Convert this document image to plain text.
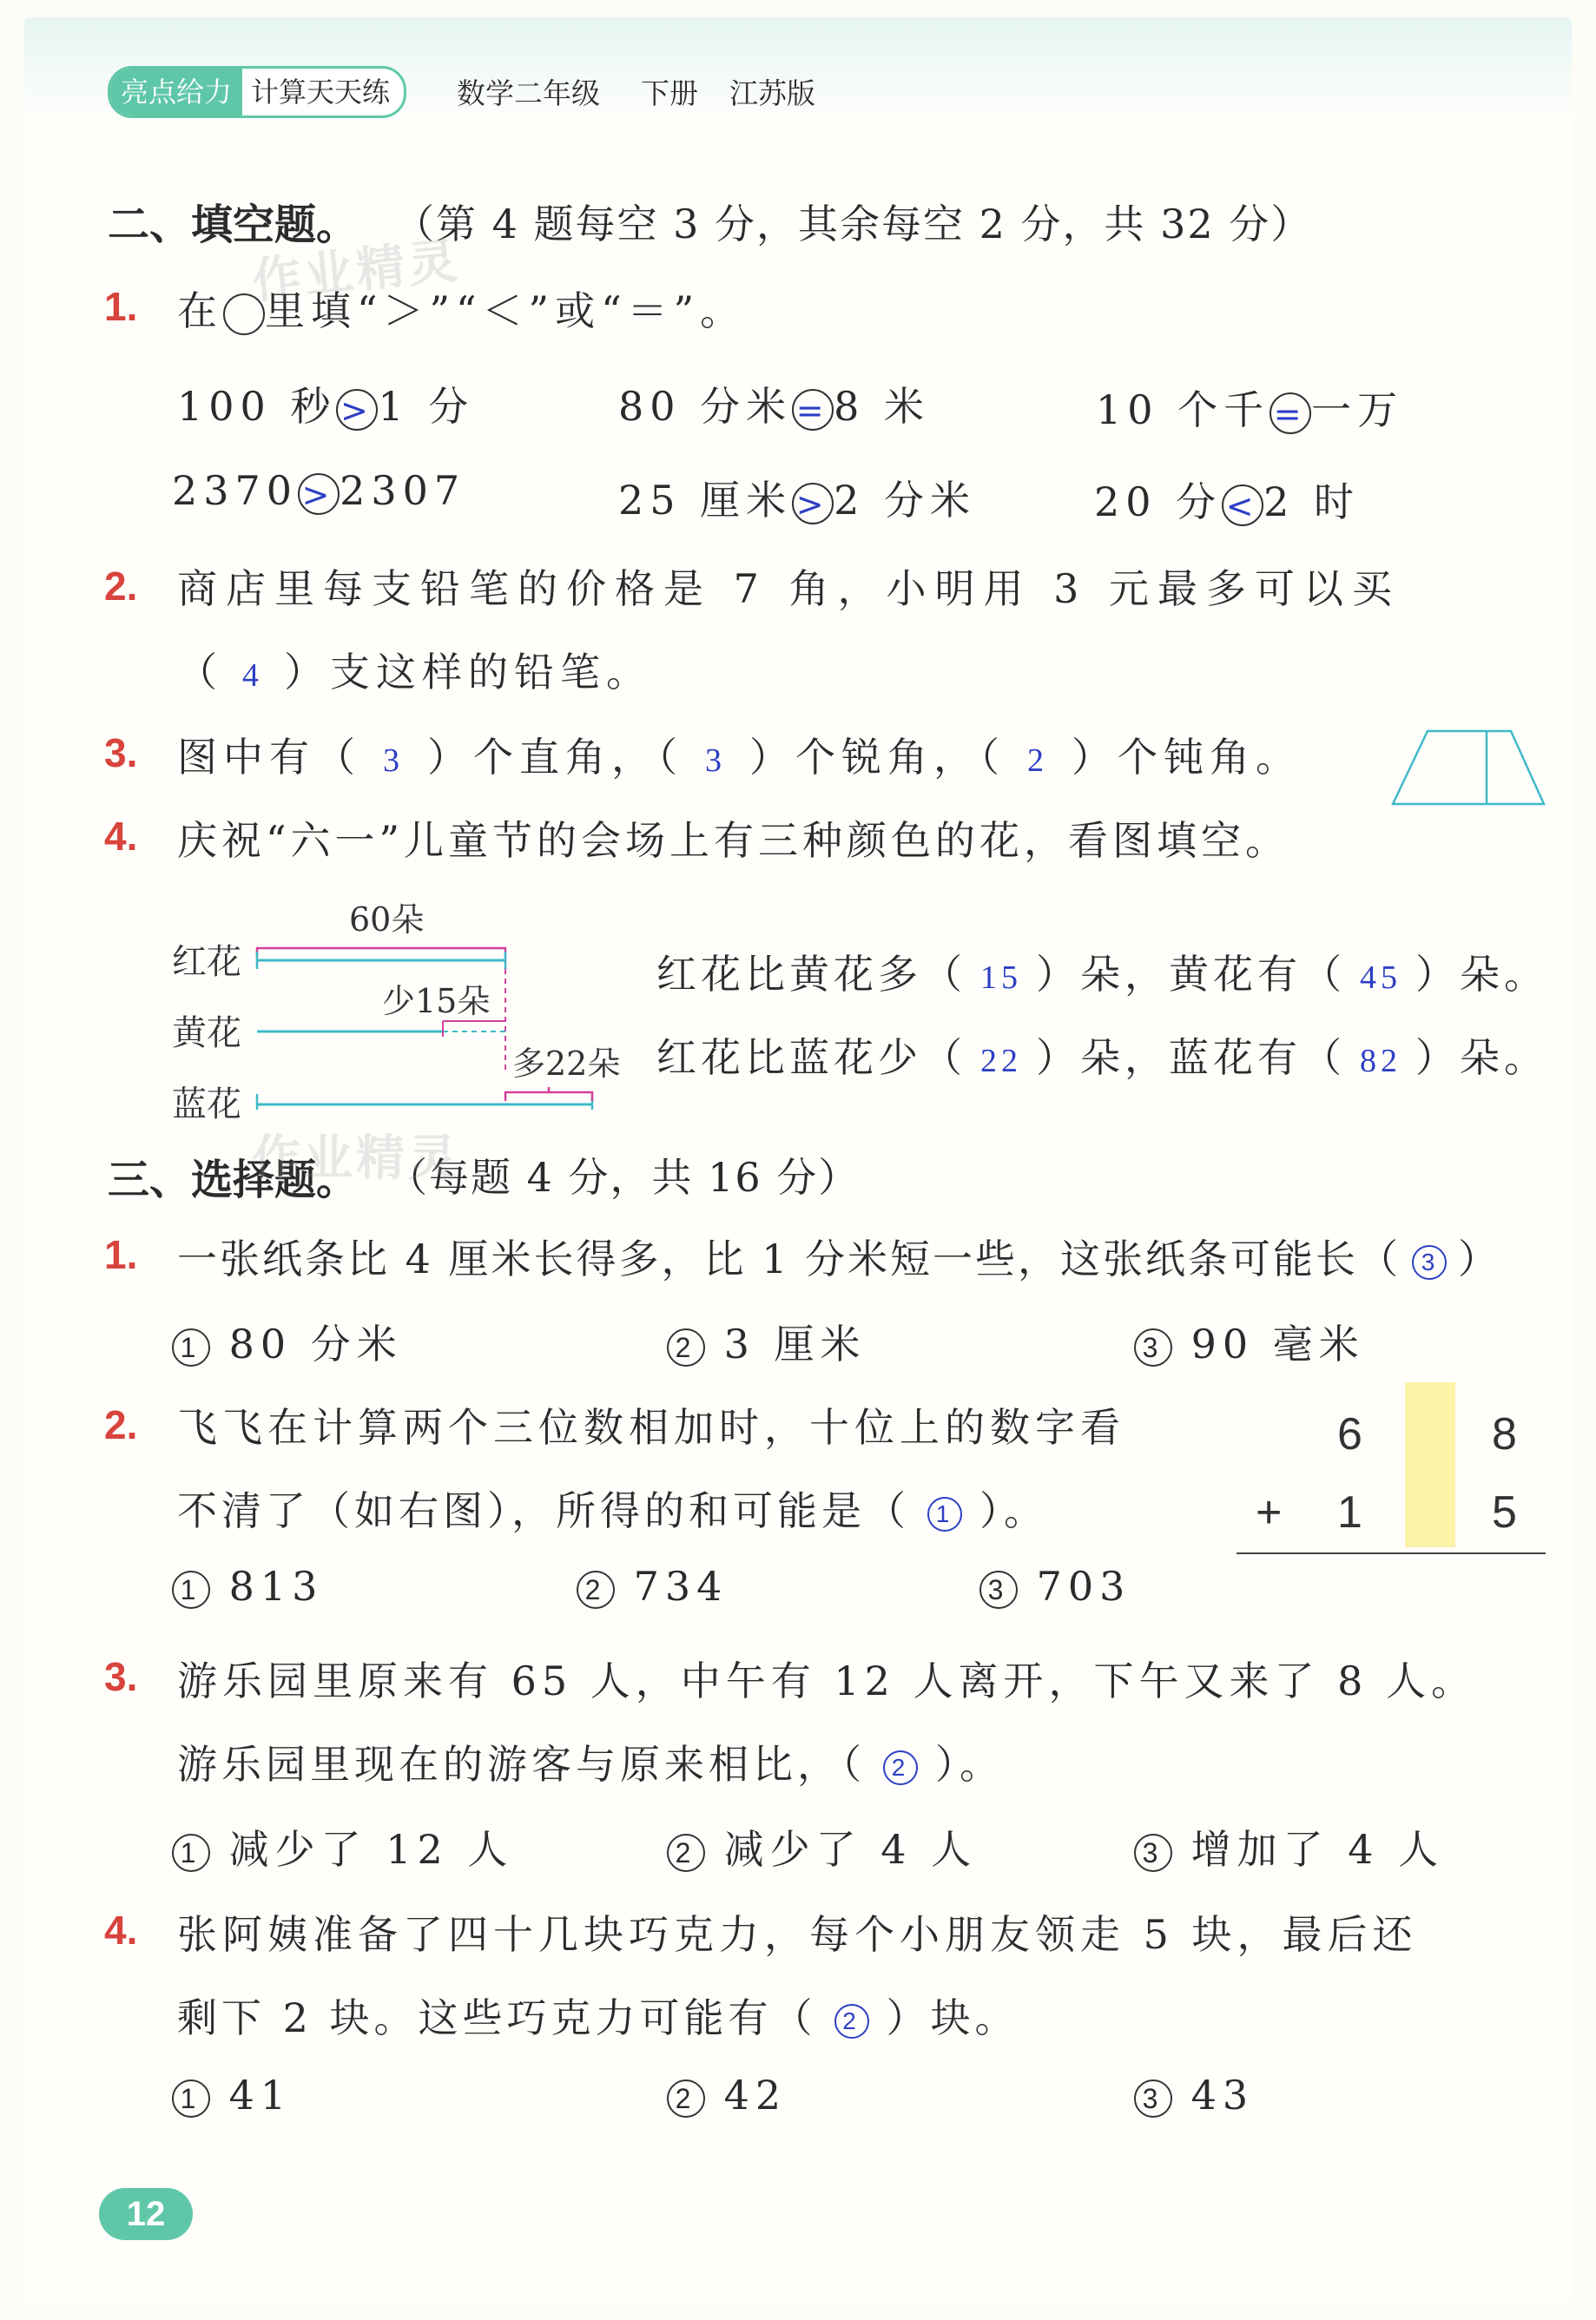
亮点给力 计算天天练	数学二年级 下册 江苏版
二、填空题。 （第 4 题每空 3 分，其余每空 2 分，共 32 分）
作业精灵
1. 在 里填“＞”“＜”或“＝”。
100 秒 >1 分	80 分米 =8 米	10 个千 =一万
2370 >2307	25 厘米 >2 分米	20 分 <2 时
2. 商店里每支铅笔的价格是 7 角，小明用 3 元最多可以买
（ 4 ）支这样的铅笔。
3. 图中有（ 3 ）个直角，（ 3 ）个锐角，（ 2 ）个钝角。
4. 庆祝“六一”儿童节的会场上有三种颜色的花，看图填空。
60朵
红花
黄花
蓝花
少15朵
多22朵
红花比黄花多（ 15 ）朵，黄花有（ 45 ）朵。
红花比蓝花少（ 22 ）朵，蓝花有（ 82 ）朵。
三、选择题。 （每题 4 分，共 16 分）
作业精灵
1. 一张纸条比 4 厘米长得多，比 1 分米短一些，这张纸条可能长（ 3 ）
1 80 分米	2 3 厘米	3 90 毫米
2. 飞飞在计算两个三位数相加时，十位上的数字看
不清了（如右图），所得的和可能是（ 1 ）。
6	8
+ 1	5
1 813	2 734	3 703
3. 游乐园里原来有 65 人，中午有 12 人离开，下午又来了 8 人。
游乐园里现在的游客与原来相比，（ 2 ）。
1 减少了 12 人	2 减少了 4 人	3 增加了 4 人
4. 张阿姨准备了四十几块巧克力，每个小朋友领走 5 块，最后还
剩下 2 块。这些巧克力可能有（ 2 ）块。
1 41	2 42	3 43
12
